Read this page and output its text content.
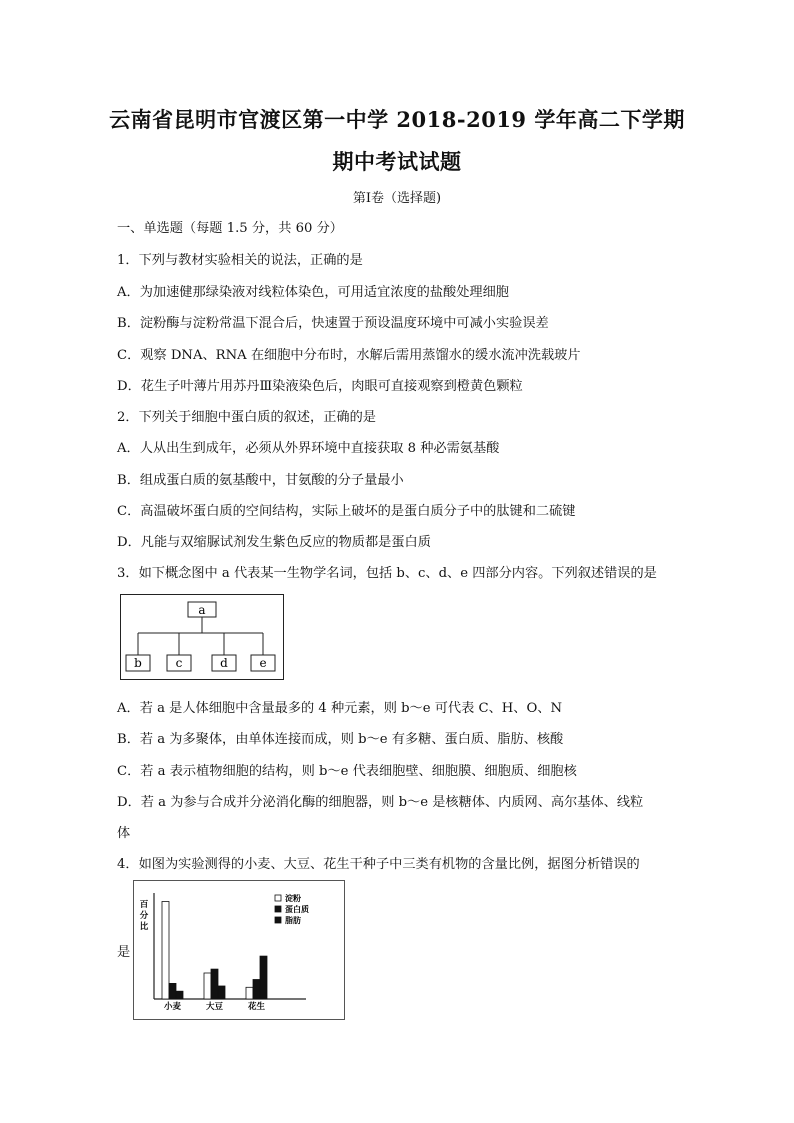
云南省昆明市官渡区第一中学 2018-2019 学年高二下学期
期中考试试题
第Ⅰ卷（选择题)
一、单选题（每题 1.5 分，共 60 分）
1．下列与教材实验相关的说法，正确的是
A．为加速健那绿染液对线粒体染色，可用适宜浓度的盐酸处理细胞
B．淀粉酶与淀粉常温下混合后，快速置于预设温度环境中可减小实验误差
C．观察 DNA、RNA 在细胞中分布时，水解后需用蒸馏水的缓水流冲洗载玻片
D．花生子叶薄片用苏丹Ⅲ染液染色后，肉眼可直接观察到橙黄色颗粒
2．下列关于细胞中蛋白质的叙述，正确的是
A．人从出生到成年，必须从外界环境中直接获取 8 种必需氨基酸
B．组成蛋白质的氨基酸中，甘氨酸的分子量最小
C．高温破坏蛋白质的空间结构，实际上破坏的是蛋白质分子中的肽键和二硫键
D．凡能与双缩脲试剂发生紫色反应的物质都是蛋白质
3．如下概念图中 a 代表某一生物学名词，包括 b、c、d、e 四部分内容。下列叙述错误的是
a
b	c	d	e
A．若 a 是人体细胞中含量最多的 4 种元素，则 b～e 可代表 C、H、O、N
B．若 a 为多聚体，由单体连接而成，则 b～e 有多糖、蛋白质、脂肪、核酸
C．若 a 表示植物细胞的结构，则 b～e 代表细胞壁、细胞膜、细胞质、细胞核
D．若 a 为参与合成并分泌消化酶的细胞器，则 b～e 是核糖体、内质网、高尔基体、线粒
体
4．如图为实验测得的小麦、大豆、花生干种子中三类有机物的含量比例，据图分析错误的
是
百
分
比
小麦	大豆	花生
淀粉
蛋白质
脂肪
